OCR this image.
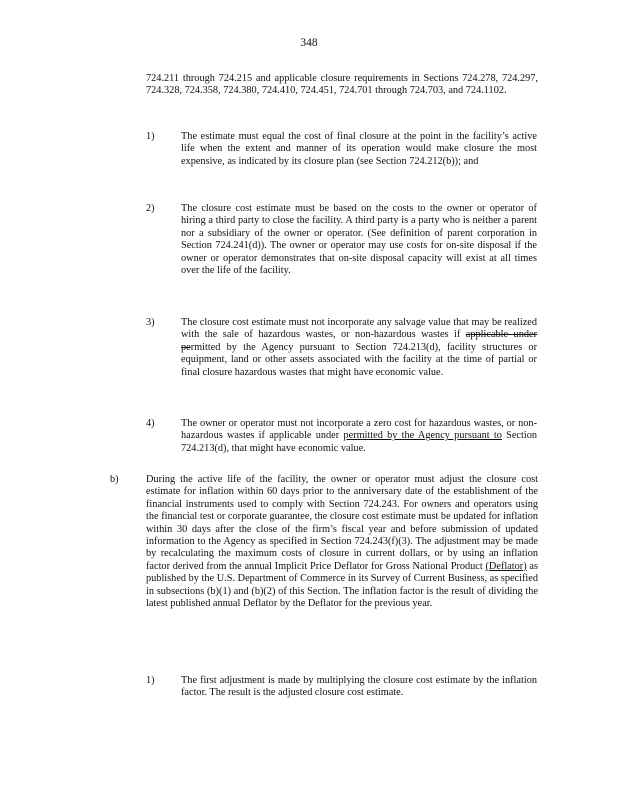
348
724.211 through 724.215 and applicable closure requirements in Sections 724.278, 724.297, 724.328, 724.358, 724.380, 724.410, 724.451, 724.701 through 724.703, and 724.1102.
1)	The estimate must equal the cost of final closure at the point in the facility’s active life when the extent and manner of its operation would make closure the most expensive, as indicated by its closure plan (see Section 724.212(b)); and
2)	The closure cost estimate must be based on the costs to the owner or operator of hiring a third party to close the facility. A third party is a party who is neither a parent nor a subsidiary of the owner or operator. (See definition of parent corporation in Section 724.241(d)). The owner or operator may use costs for on-site disposal if the owner or operator demonstrates that on-site disposal capacity will exist at all times over the life of the facility.
3)	The closure cost estimate must not incorporate any salvage value that may be realized with the sale of hazardous wastes, or non-hazardous wastes if applicable under permitted by the Agency pursuant to Section 724.213(d), facility structures or equipment, land or other assets associated with the facility at the time of partial or final closure hazardous wastes that might have economic value.
4)	The owner or operator must not incorporate a zero cost for hazardous wastes, or non-hazardous wastes if applicable under permitted by the Agency pursuant to Section 724.213(d), that might have economic value.
b)	During the active life of the facility, the owner or operator must adjust the closure cost estimate for inflation within 60 days prior to the anniversary date of the establishment of the financial instruments used to comply with Section 724.243. For owners and operators using the financial test or corporate guarantee, the closure cost estimate must be updated for inflation within 30 days after the close of the firm’s fiscal year and before submission of updated information to the Agency as specified in Section 724.243(f)(3). The adjustment may be made by recalculating the maximum costs of closure in current dollars, or by using an inflation factor derived from the annual Implicit Price Deflator for Gross National Product (Deflator) as published by the U.S. Department of Commerce in its Survey of Current Business, as specified in subsections (b)(1) and (b)(2) of this Section. The inflation factor is the result of dividing the latest published annual Deflator by the Deflator for the previous year.
1)	The first adjustment is made by multiplying the closure cost estimate by the inflation factor. The result is the adjusted closure cost estimate.
